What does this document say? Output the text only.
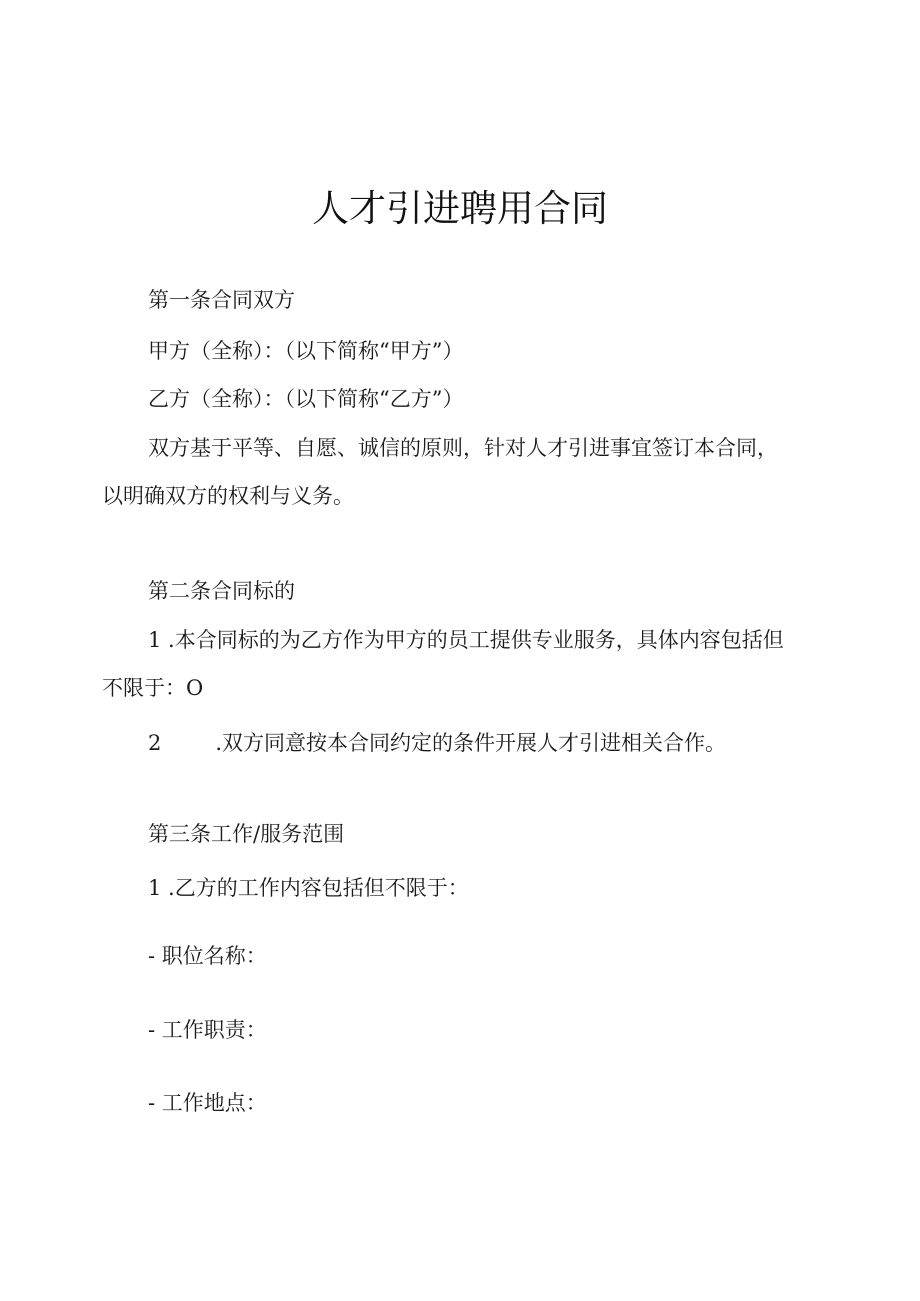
人才引进聘用合同
第一条合同双方
甲方（全称）：（以下简称“甲方”）
乙方（全称）：（以下简称“乙方”）
双方基于平等、自愿、诚信的原则，针对人才引进事宜签订本合同，
以明确双方的权利与义务。
第二条合同标的
1 .本合同标的为乙方作为甲方的员工提供专业服务，具体内容包括但
不限于：O
2	.双方同意按本合同约定的条件开展人才引进相关合作。
第三条工作/服务范围
1 .乙方的工作内容包括但不限于：
- 职位名称：
- 工作职责：
- 工作地点：
